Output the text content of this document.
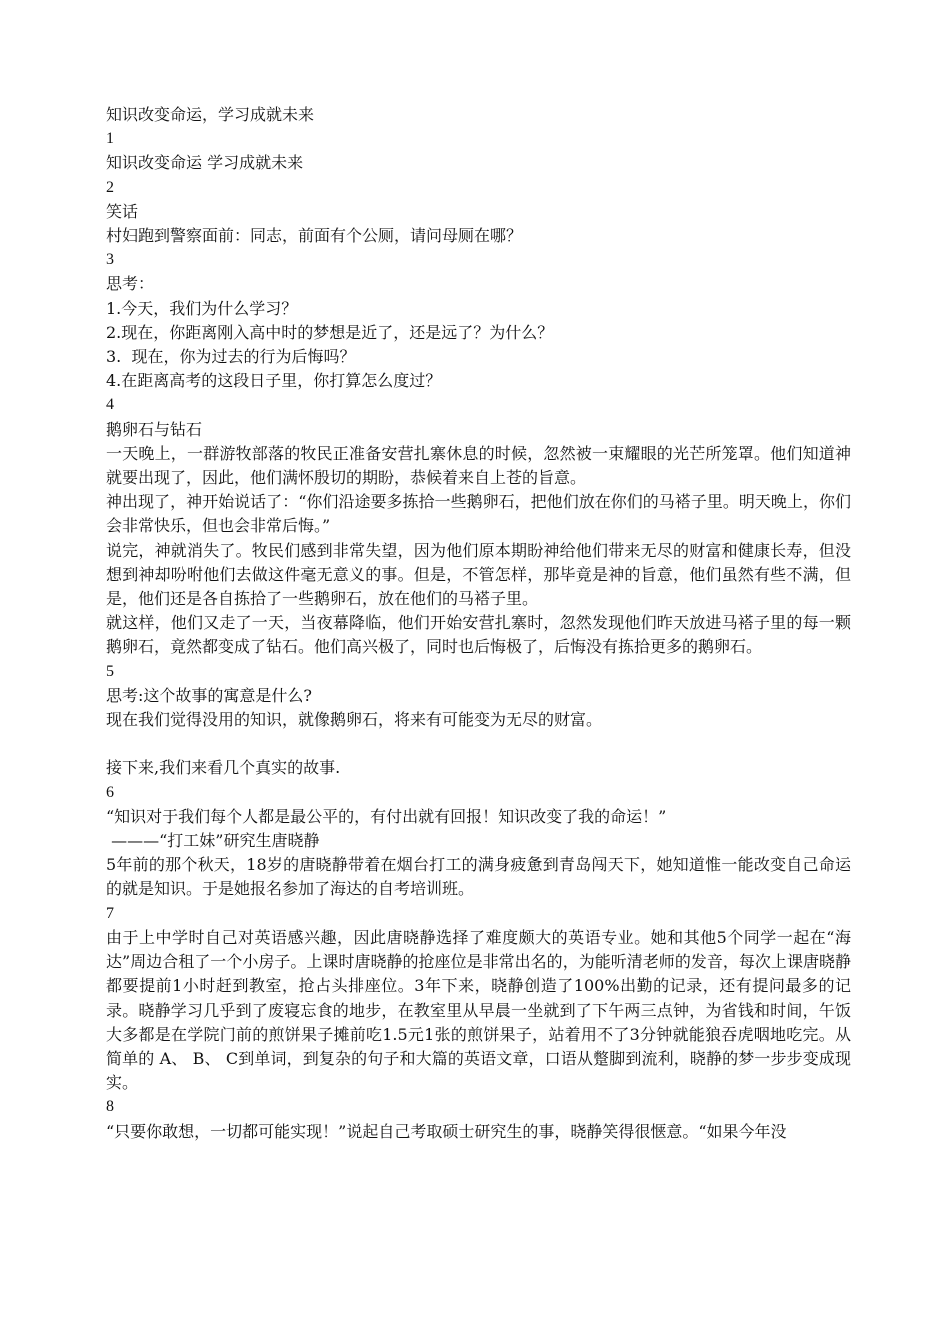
知识改变命运，学习成就未来

1

知识改变命运 学习成就未来

2

笑话

村妇跑到警察面前：同志，前面有个公厕，请问母厕在哪？

3

思考：

1.今天，我们为什么学习？

2.现在，你距离刚入高中时的梦想是近了，还是远了？为什么？

3.  现在，你为过去的行为后悔吗？

4.在距离高考的这段日子里，你打算怎么度过？

4

鹅卵石与钻石

一天晚上，一群游牧部落的牧民正准备安营扎寨休息的时候，忽然被一束耀眼的光芒所笼罩。他们知道神就要出现了，因此，他们满怀殷切的期盼，恭候着来自上苍的旨意。

神出现了，神开始说话了：“你们沿途要多拣拾一些鹅卵石，把他们放在你们的马褡子里。明天晚上，你们会非常快乐，但也会非常后悔。”

说完，神就消失了。牧民们感到非常失望，因为他们原本期盼神给他们带来无尽的财富和健康长寿，但没想到神却吩咐他们去做这件毫无意义的事。但是，不管怎样，那毕竟是神的旨意，他们虽然有些不满，但是，他们还是各自拣拾了一些鹅卵石，放在他们的马褡子里。

就这样，他们又走了一天，当夜幕降临，他们开始安营扎寨时，忽然发现他们昨天放进马褡子里的每一颗鹅卵石，竟然都变成了钻石。他们高兴极了，同时也后悔极了，后悔没有拣拾更多的鹅卵石。

5

思考:这个故事的寓意是什么?

现在我们觉得没用的知识，就像鹅卵石，将来有可能变为无尽的财富。

接下来,我们来看几个真实的故事.

6

“知识对于我们每个人都是最公平的，有付出就有回报！知识改变了我的命运！”

———“打工妹”研究生唐晓静

5年前的那个秋天，18岁的唐晓静带着在烟台打工的满身疲惫到青岛闯天下，她知道惟一能改变自己命运的就是知识。于是她报名参加了海达的自考培训班。

7

由于上中学时自己对英语感兴趣，因此唐晓静选择了难度颇大的英语专业。她和其他5个同学一起在“海达”周边合租了一个小房子。上课时唐晓静的抢座位是非常出名的，为能听清老师的发音，每次上课唐晓静都要提前1小时赶到教室，抢占头排座位。3年下来，晓静创造了100%出勤的记录，还有提问最多的记录。晓静学习几乎到了废寝忘食的地步，在教室里从早晨一坐就到了下午两三点钟，为省钱和时间，午饭大多都是在学院门前的煎饼果子摊前吃1.5元1张的煎饼果子，站着用不了3分钟就能狼吞虎咽地吃完。从简单的 A、 B、 C到单词，到复杂的句子和大篇的英语文章，口语从蹩脚到流利，晓静的梦一步步变成现实。

8

“只要你敢想，一切都可能实现！”说起自己考取硕士研究生的事，晓静笑得很惬意。“如果今年没
